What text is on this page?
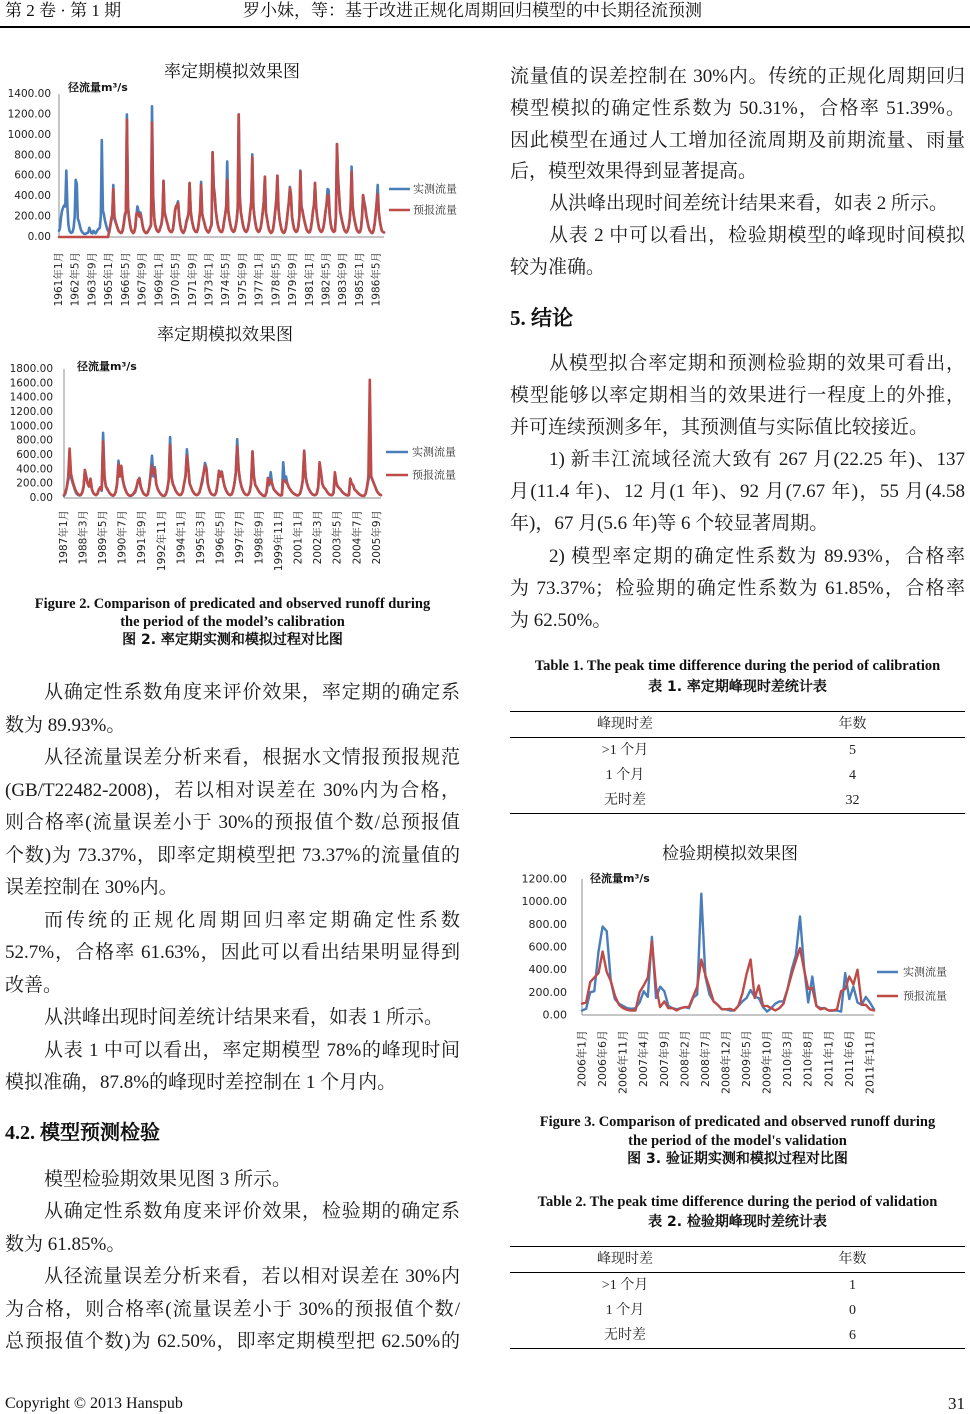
第 2 卷 · 第 1 期	罗小妹，等：基于改进正规化周期回归模型的中长期径流预测
率定期模拟效果图
径流量m³/s
0.00
200.00
400.00
600.00
800.00
1000.00
1200.00
1400.00
1961年1月 1962年5月 1963年9月 1965年1月 1966年5月 1967年9月 1969年1月 1970年5月 1971年9月 1973年1月 1974年5月 1975年9月 1977年1月 1978年5月 1979年9月 1981年1月 1982年5月 1983年9月 1985年1月 1986年5月
实测流量
预报流量
率定期模拟效果图
径流量m³/s
0.00
200.00
400.00
600.00
800.00
1000.00
1200.00
1400.00
1600.00
1800.00
1987年1月 1988年3月 1989年5月 1990年7月 1991年9月 1992年11月 1994年1月 1995年3月 1996年5月 1997年7月 1998年9月 1999年11月 2001年1月 2002年3月 2003年5月 2004年7月 2005年9月
实测流量
预报流量
Figure 2. Comparison of predicated and observed runoff during
the period of the model’s calibration
图 2. 率定期实测和模拟过程对比图
从确定性系数角度来评价效果，率定期的确定系
数为 89.93%。
从径流量误差分析来看，根据水文情报预报规范
(GB/T22482-2008)，若以相对误差在 30%内为合格，
则合格率(流量误差小于 30%的预报值个数/总预报值
个数)为 73.37%，即率定期模型把 73.37%的流量值的
误差控制在 30%内。
而传统的正规化周期回归率定期确定性系数
52.7%，合格率 61.63%，因此可以看出结果明显得到
改善。
从洪峰出现时间差统计结果来看，如表 1 所示。
从表 1 中可以看出，率定期模型 78%的峰现时间
模拟准确，87.8%的峰现时差控制在 1 个月内。
4.2. 模型预测检验
模型检验期效果见图 3 所示。
从确定性系数角度来评价效果，检验期的确定系
数为 61.85%。
从径流量误差分析来看，若以相对误差在 30%内
为合格，则合格率(流量误差小于 30%的预报值个数/
总预报值个数)为 62.50%，即率定期模型把 62.50%的
流量值的误差控制在 30%内。传统的正规化周期回归
模型模拟的确定性系数为 50.31%，合格率 51.39%。
因此模型在通过人工增加径流周期及前期流量、雨量
后，模型效果得到显著提高。
从洪峰出现时间差统计结果来看，如表 2 所示。
从表 2 中可以看出，检验期模型的峰现时间模拟
较为准确。
5. 结论
从模型拟合率定期和预测检验期的效果可看出，
模型能够以率定期相当的效果进行一程度上的外推，
并可连续预测多年，其预测值与实际值比较接近。
1) 新丰江流域径流大致有 267 月(22.25 年)、137
月(11.4 年)、12 月(1 年)、92 月(7.67 年)，55 月(4.58
年)，67 月(5.6 年)等 6 个较显著周期。
2) 模型率定期的确定性系数为 89.93%，合格率
为 73.37%；检验期的确定性系数为 61.85%，合格率
为 62.50%。
Table 1. The peak time difference during the period of calibration
表 1. 率定期峰现时差统计表
峰现时差	年数
>1 个月	5
1 个月	4
无时差	32
检验期模拟效果图
径流量m³/s
0.00
200.00
400.00
600.00
800.00
1000.00
1200.00
2006年1月 2006年6月 2006年11月 2007年4月 2007年9月 2008年2月 2008年7月 2008年12月 2009年5月 2009年10月 2010年3月 2010年8月 2011年1月 2011年6月 2011年11月
实测流量
预报流量
Figure 3. Comparison of predicated and observed runoff during
the period of the model's validation
图 3. 验证期实测和模拟过程对比图
Table 2. The peak time difference during the period of validation
表 2. 检验期峰现时差统计表
峰现时差	年数
>1 个月	1
1 个月	0
无时差	6
Copyright © 2013 Hanspub	31
